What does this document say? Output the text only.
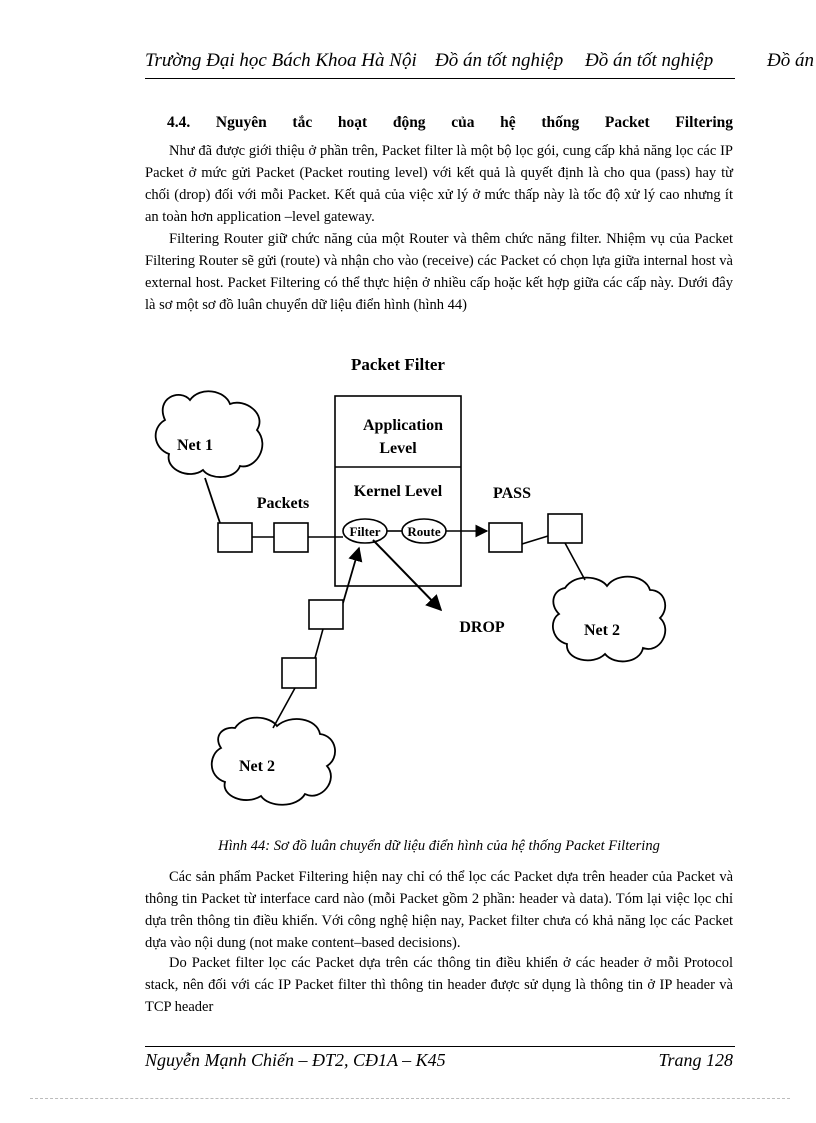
Trường Đại học Bách Khoa Hà Nội Đồ án tốt nghiệp Đồ án tốt nghiệp	Đồ án
4.4. Nguyên tắc hoạt động của hệ thống Packet Filtering

Như đã được giới thiệu ở phần trên, Packet filter là một bộ lọc gói, cung cấp khả năng lọc các IP Packet ở mức gửi Packet (Packet routing level) với kết quả là quyết định là cho qua (pass) hay từ chối (drop) đối với mỗi Packet. Kết quả của việc xử lý ở mức thấp này là tốc độ xử lý cao nhưng ít an toàn hơn application –level gateway.

Filtering Router giữ chức năng của một Router và thêm chức năng filter. Nhiệm vụ của Packet Filtering Router sẽ gửi (route) và nhận cho vào (receive) các Packet có chọn lựa giữa internal host và external host. Packet Filtering có thể thực hiện ở nhiều cấp hoặc kết hợp giữa các cấp này. Dưới đây là sơ một sơ đồ luân chuyển dữ liệu điển hình (hình 44)

Packet Filter
Application
Level
Kernel Level
Filter Route
Net 1
Packets
PASS
Net 2
DROP
Net 2
Hình 44: Sơ đồ luân chuyển dữ liệu điển hình của hệ thống Packet Filtering

Các sản phẩm Packet Filtering hiện nay chỉ có thể lọc các Packet dựa trên header của Packet và thông tin Packet từ interface card nào (mỗi Packet gồm 2 phần: header và data). Tóm lại việc lọc chỉ dựa trên thông tin điều khiển. Với công nghệ hiện nay, Packet filter chưa có khả năng lọc các Packet dựa vào nội dung (not make content–based decisions).

Do Packet filter lọc các Packet dựa trên các thông tin điều khiển ở các header ở mỗi Protocol stack, nên đối với các IP Packet filter thì thông tin header được sử dụng là thông tin ở IP header và TCP header

Nguyễn Mạnh Chiến – ĐT2, CĐ1A – K45	Trang 128
